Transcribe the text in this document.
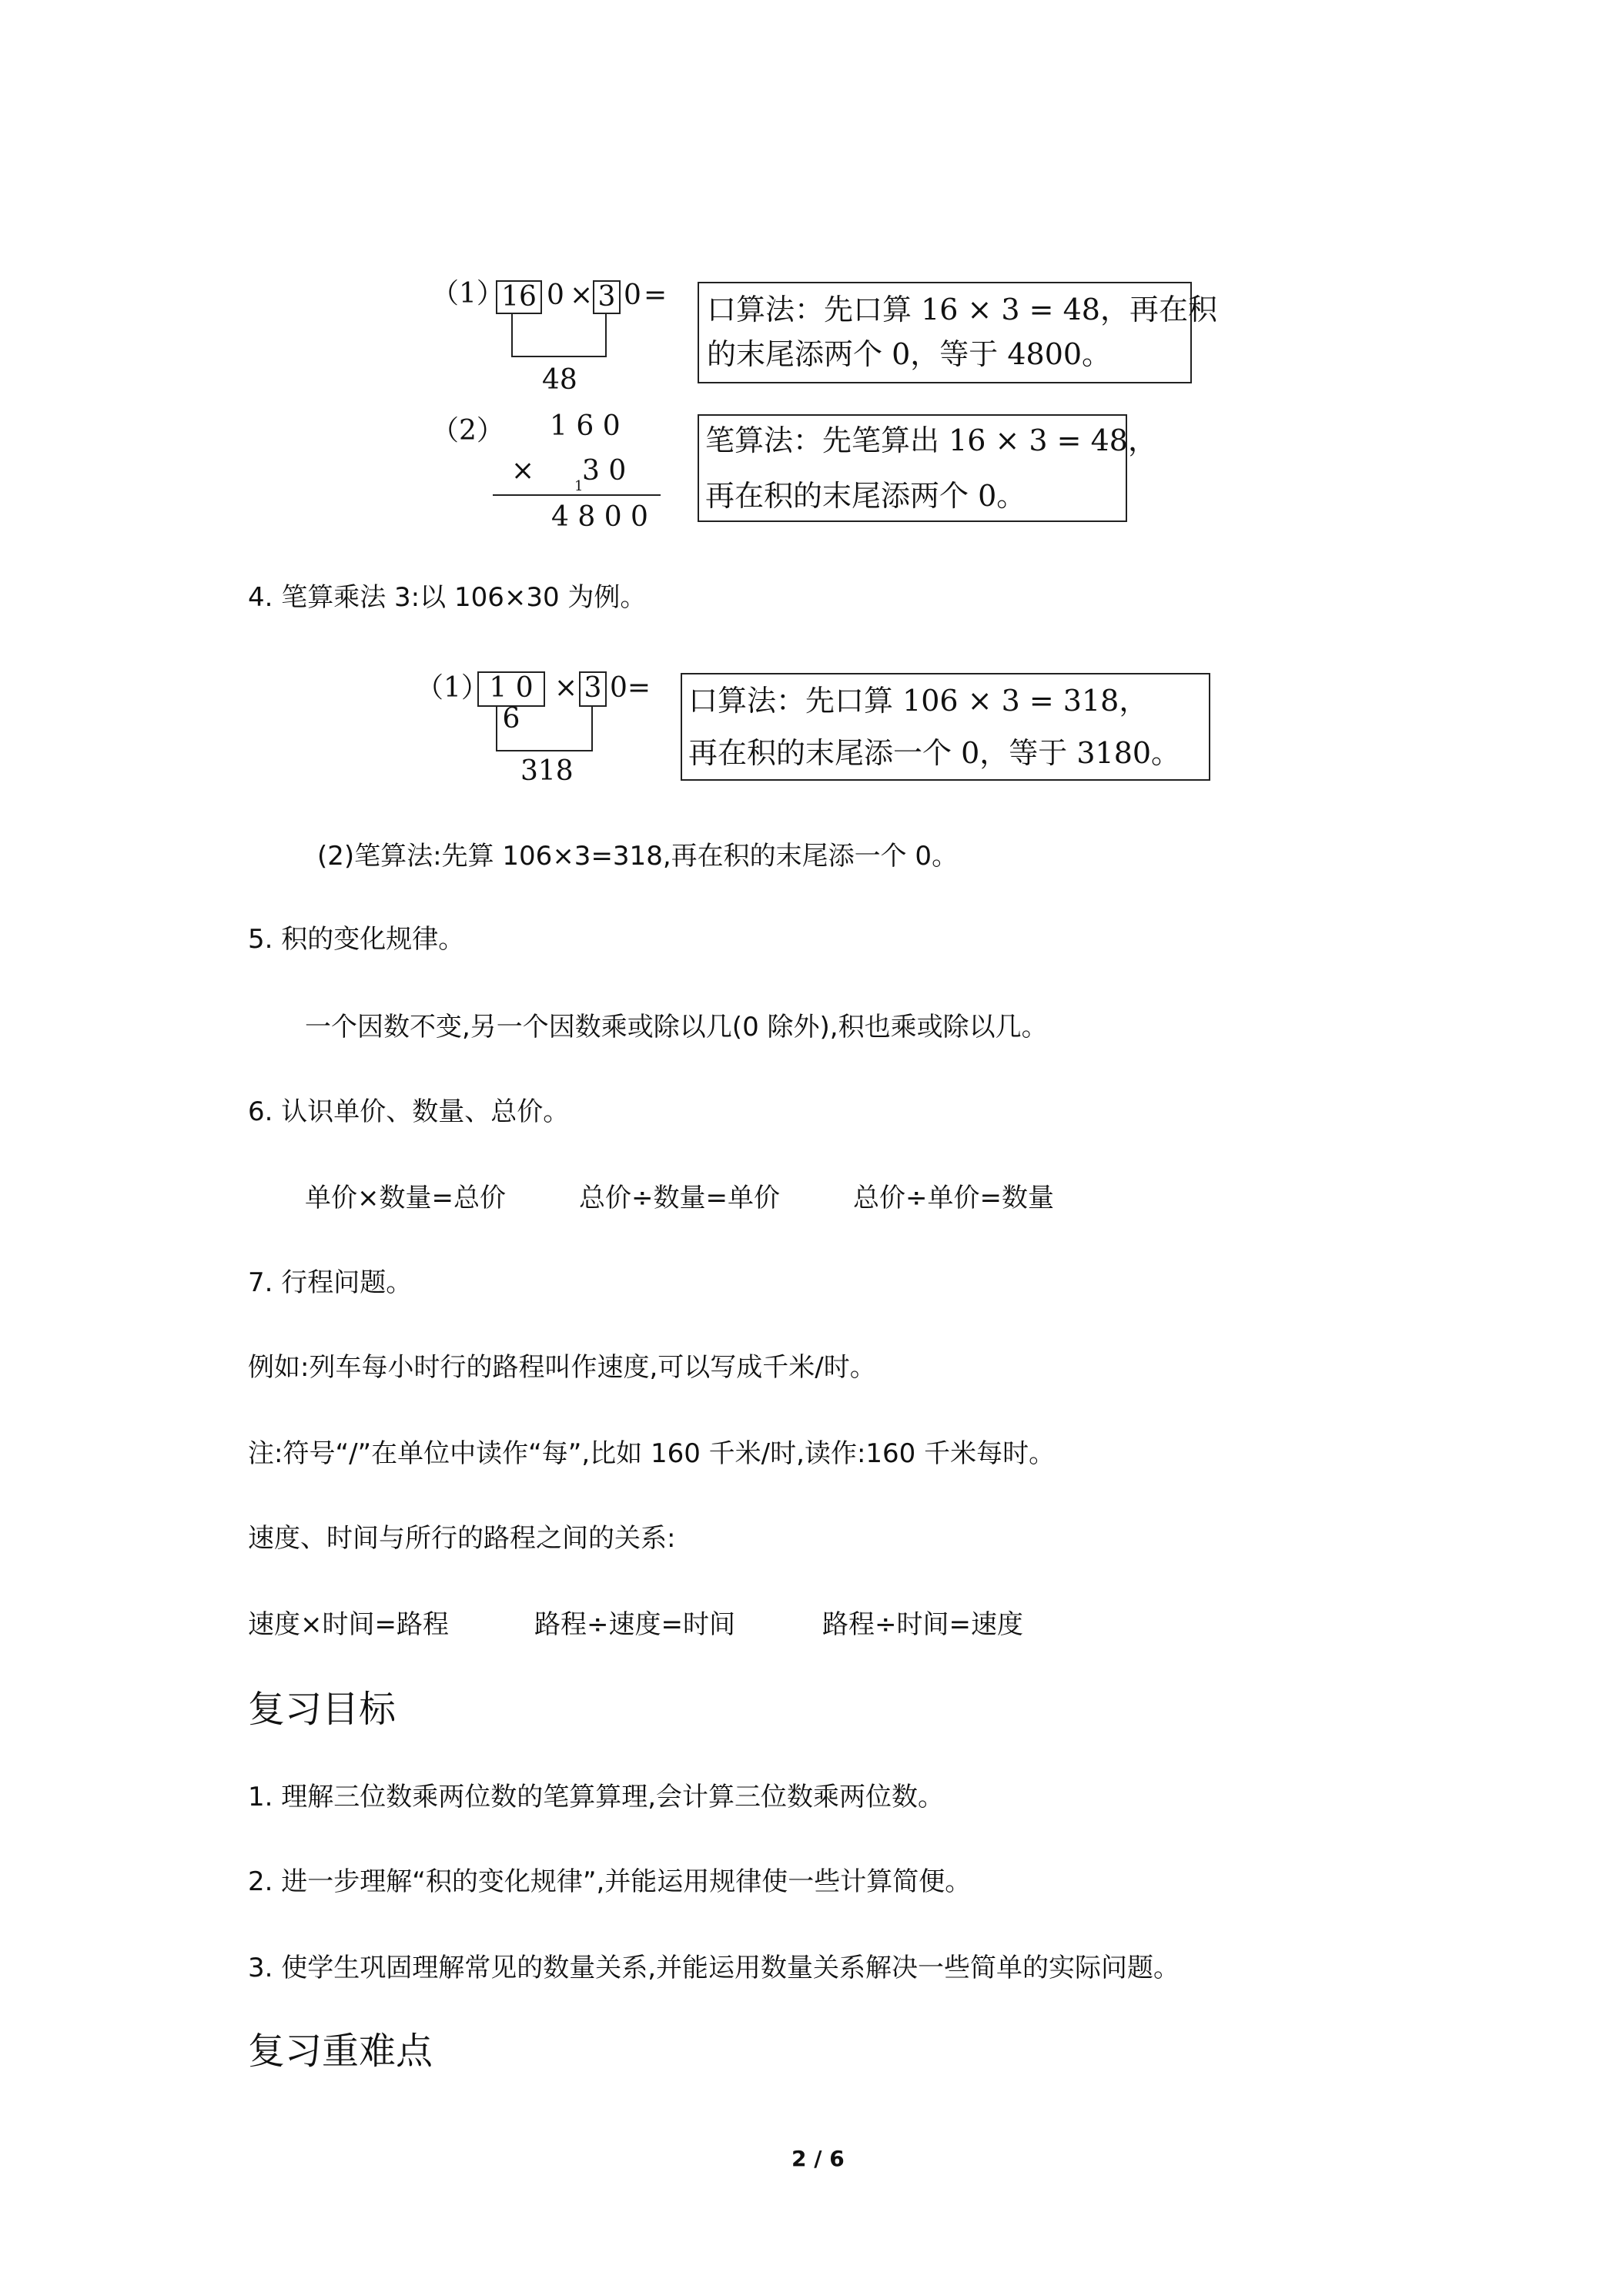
（1）
16 0 × 3 0 =
48
口算法：先口算 16 × 3 = 48，再在积
的末尾添两个 0，等于 4800。
（2） 1 6 0
× 3 0
1
4 8 0 0
笔算法：先笔算出 16 × 3 = 48，
再在积的末尾添两个 0。
4. 笔算乘法 3:以 106×30 为例。
（1） 1 0 6
× 3 0=
318
口算法：先口算 106 × 3 = 318，
再在积的末尾添一个 0，等于 3180。
(2)笔算法:先算 106×3=318,再在积的末尾添一个 0。
5. 积的变化规律。
一个因数不变,另一个因数乘或除以几(0 除外),积也乘或除以几。
6. 认识单价、数量、总价。
单价×数量=总价	总价÷数量=单价	总价÷单价=数量
7. 行程问题。
例如:列车每小时行的路程叫作速度,可以写成千米/时。
注:符号“/”在单位中读作“每”,比如 160 千米/时,读作:160 千米每时。
速度、时间与所行的路程之间的关系:
速度×时间=路程	路程÷速度=时间	路程÷时间=速度
复习目标
1. 理解三位数乘两位数的笔算算理,会计算三位数乘两位数。
2. 进一步理解“积的变化规律”,并能运用规律使一些计算简便。
3. 使学生巩固理解常见的数量关系,并能运用数量关系解决一些简单的实际问题。
复习重难点
2 / 6
